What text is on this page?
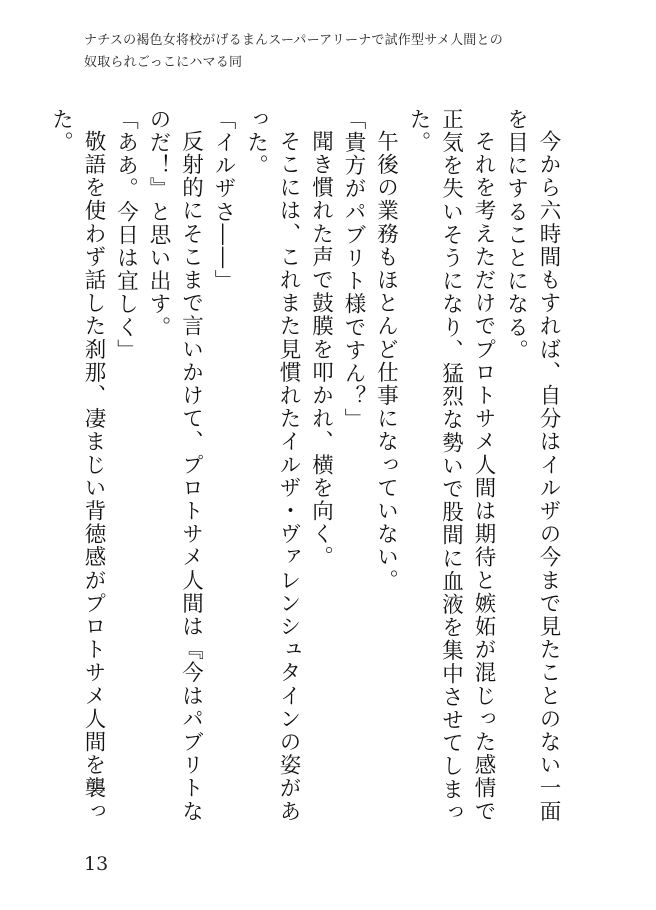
ナチスの褐色女将校がげるまんスーパーアリーナで試作型サメ人間との
奴取られごっこにハマる同

今から六時間もすれば、自分はイルザの今まで見たことのない一面を目にすることになる。

それを考えただけでプロトサメ人間は期待と嫉妬が混じった感情で正気を失いそうになり、猛烈な勢いで股間に血液を集中させてしまった。

午後の業務もほとんど仕事になっていない。

「貴方がパブリト様ですん？」

聞き慣れた声で鼓膜を叩かれ、横を向く。

そこには、これまた見慣れたイルザ・ヴァレンシュタインの姿があった。

「イルザさ――」

反射的にそこまで言いかけて、プロトサメ人間は『今はパブリトなのだ！』と思い出す。

「ああ。今日は宜しく」

敬語を使わず話した刹那、凄まじい背徳感がプロトサメ人間を襲った。

13
